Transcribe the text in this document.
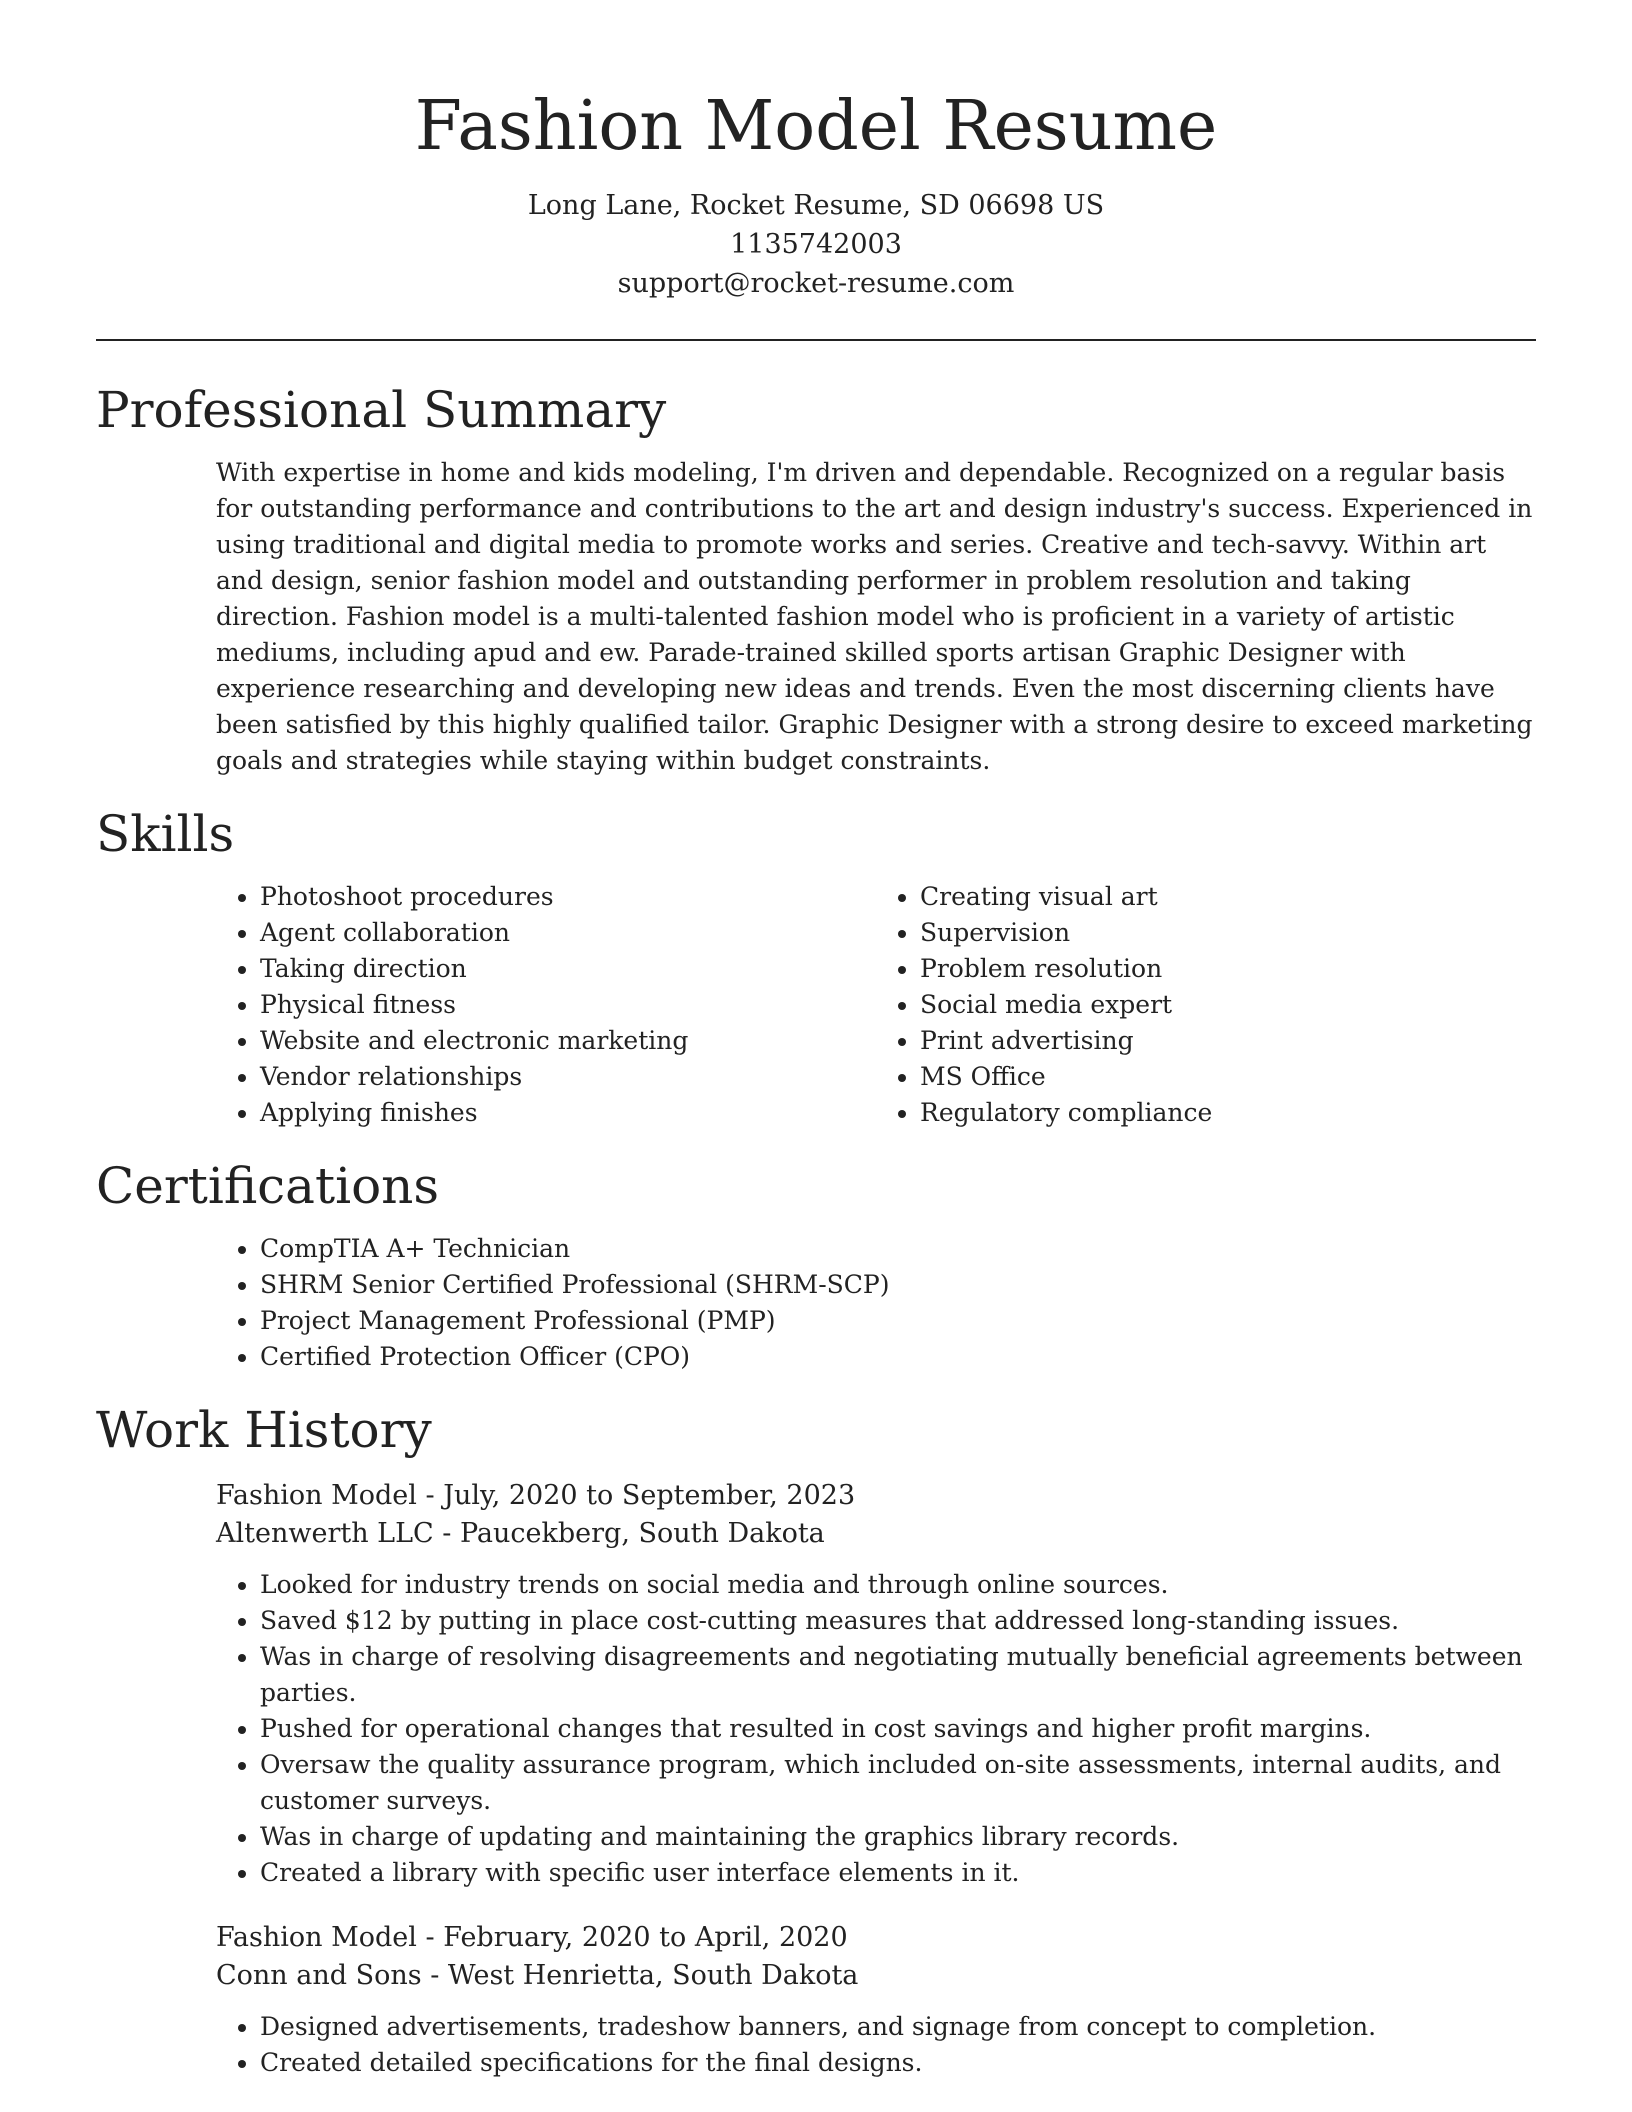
Fashion Model Resume
Long Lane, Rocket Resume, SD 06698 US
1135742003
support@rocket-resume.com
Professional Summary

With expertise in home and kids modeling, I'm driven and dependable. Recognized on a regular basis for outstanding performance and contributions to the art and design industry's success. Experienced in using traditional and digital media to promote works and series. Creative and tech-savvy. Within art and design, senior fashion model and outstanding performer in problem resolution and taking direction. Fashion model is a multi-talented fashion model who is proficient in a variety of artistic mediums, including apud and ew. Parade-trained skilled sports artisan Graphic Designer with experience researching and developing new ideas and trends. Even the most discerning clients have been satisfied by this highly qualified tailor. Graphic Designer with a strong desire to exceed marketing goals and strategies while staying within budget constraints.

Skills
• Photoshoot procedures
• Agent collaboration
• Taking direction
• Physical fitness
• Website and electronic marketing
• Vendor relationships
• Applying finishes
• Creating visual art
• Supervision
• Problem resolution
• Social media expert
• Print advertising
• MS Office
• Regulatory compliance
Certifications
• CompTIA A+ Technician
• SHRM Senior Certified Professional (SHRM-SCP)
• Project Management Professional (PMP)
• Certified Protection Officer (CPO)
Work History
Fashion Model - July, 2020 to September, 2023
Altenwerth LLC - Paucekberg, South Dakota
• Looked for industry trends on social media and through online sources.
• Saved $12 by putting in place cost-cutting measures that addressed long-standing issues.
• Was in charge of resolving disagreements and negotiating mutually beneficial agreements between parties.
• Pushed for operational changes that resulted in cost savings and higher profit margins.
• Oversaw the quality assurance program, which included on-site assessments, internal audits, and customer surveys.
• Was in charge of updating and maintaining the graphics library records.
• Created a library with specific user interface elements in it.
Fashion Model - February, 2020 to April, 2020
Conn and Sons - West Henrietta, South Dakota
• Designed advertisements, tradeshow banners, and signage from concept to completion.
• Created detailed specifications for the final designs.
